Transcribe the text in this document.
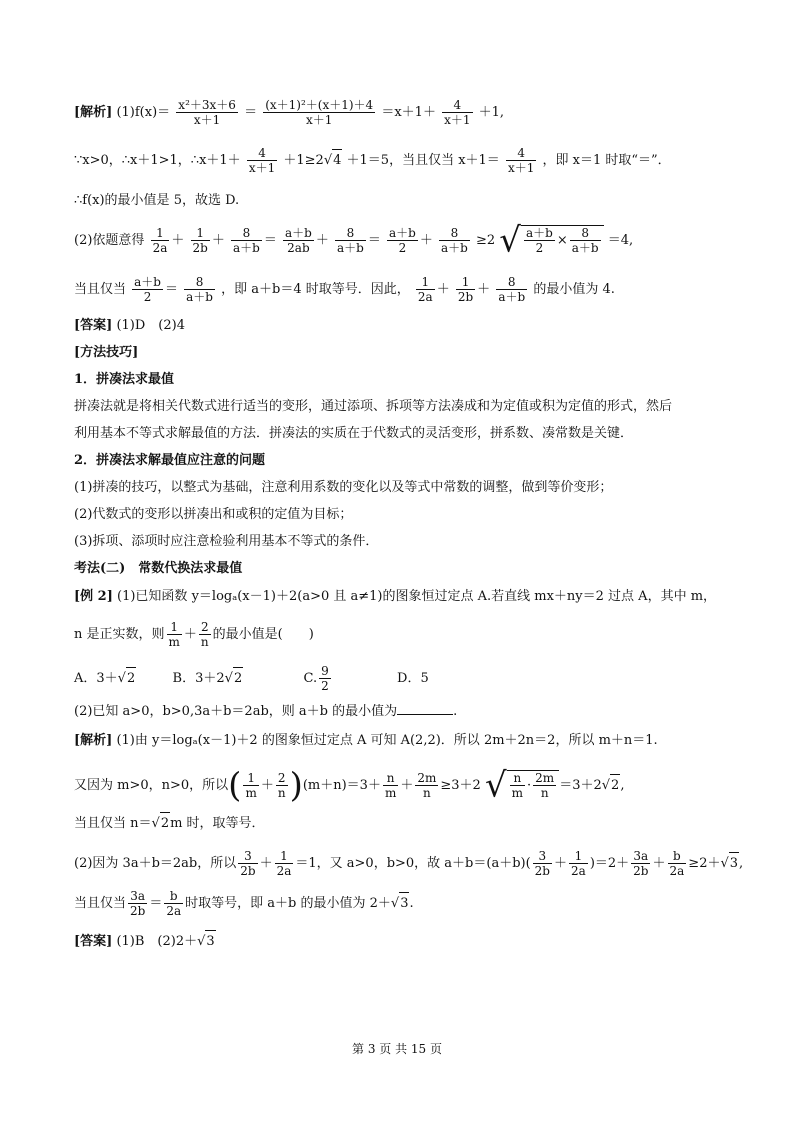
[解析] $(1)f(x)= \frac{\text{x²＋3x＋6}}{x+1} = \frac{\text{(x＋1)²＋(x＋1)＋4}}{x+1} =x+1+ \frac{4}{x+1} +1$,
∵x>0，∴x＋1>1，∴x＋1＋ $\frac{4}{x+1} +1\ge 2√4 +1=5$，当且仅当 $x+1= \frac{4}{x+1}$ ，即 x＝1 时取“＝”．
∴f(x)的最小值是 5，故选 D.
(2)依题意得 $\frac{1}{2a} + \frac{1}{2b} + \frac{8}{a+b} = \frac{a+b}{2ab} + \frac{8}{a+b} = \frac{a+b}{2} + \frac{8}{a+b} \ge 2$ √ $\frac{a+b}{2} \times \frac{8}{a+b} =4$,
当且仅当 $\frac{a+b}{2} = \frac{8}{a+b}$ ，即 a＋b＝4 时取等号．因此， $\frac{1}{2a} + \frac{1}{2b} + \frac{8}{a+b}$ 的最小值为 4.
[答案] (1)D　(2)4
[方法技巧]
1．拼凑法求最值
拼凑法就是将相关代数式进行适当的变形，通过添项、拆项等方法凑成和为定值或积为定值的形式，然后
利用基本不等式求解最值的方法．拼凑法的实质在于代数式的灵活变形，拼系数、凑常数是关键．
2．拼凑法求解最值应注意的问题
(1)拼凑的技巧，以整式为基础，注意利用系数的变化以及等式中常数的调整，做到等价变形；
(2)代数式的变形以拼凑出和或积的定值为目标；
(3)拆项、添项时应注意检验利用基本不等式的条件．
考法(二)　常数代换法求最值
[例 2] (1)已知函数 y＝logₐ(x－1)＋2(a>0 且 a≠1)的图象恒过定点 A.若直线 mx＋ny＝2 过点 A，其中 m，
n 是正实数，则 $\frac{1}{m} + \frac{2}{n}$ 的最小值是(　　)
A．3＋√2	B．3＋2√2	C. $\frac{9}{2}$	D．5
(2)已知 a>0，b>0,3a＋b＝2ab，则 a＋b 的最小值为	.
[解析] (1)由 y＝logₐ(x－1)＋2 的图象恒过定点 A 可知 A(2,2)．所以 2m＋2n＝2，所以 m＋n＝1.
又因为 m>0，n>0，所以( $\frac{1}{m} + \frac{2}{n} )(m+n)=3+ \frac{n}{m} + \frac{2m}{n} \ge 3+2$ √ $\frac{n}{m} \cdot \frac{2m}{n} =3+2√2$,
当且仅当 n＝√2m 时，取等号．
(2)因为 3a＋b＝2ab，所以 $\frac{3}{2b} + \frac{1}{2a} =1$，又 a>0，b>0，故 $a+b=(a+b)( \frac{3}{2b} + \frac{1}{2a} )=2+ \frac{3a}{2b} + \frac{b}{2a} \ge 2+√3$,
当且仅当 $\frac{3a}{2b} = \frac{b}{2a}$ 时取等号，即 a＋b 的最小值为 2＋√3.
[答案] (1)B　(2)2＋√3
第 3 页 共 15 页
